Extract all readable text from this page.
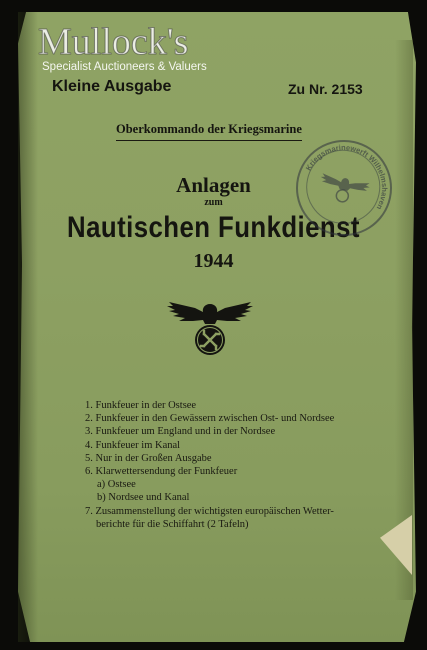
Mullock's
Specialist Auctioneers & Valuers
Kleine Ausgabe	Zu Nr. 2153
Oberkommando der Kriegsmarine
Anlagen
zum
Nautischen Funkdienst
1944
1. Funkfeuer in der Ostsee
2. Funkfeuer in den Gewässern zwischen Ost- und Nordsee
3. Funkfeuer um England und in der Nordsee
4. Funkfeuer im Kanal
5. Nur in der Großen Ausgabe
6. Klarwettersendung der Funkfeuer
a) Ostsee
b) Nordsee und Kanal
7. Zusammenstellung der wichtigsten europäischen Wetter-
berichte für die Schiffahrt (2 Tafeln)
Kriegsmarinewerft Wilhelmshaven
